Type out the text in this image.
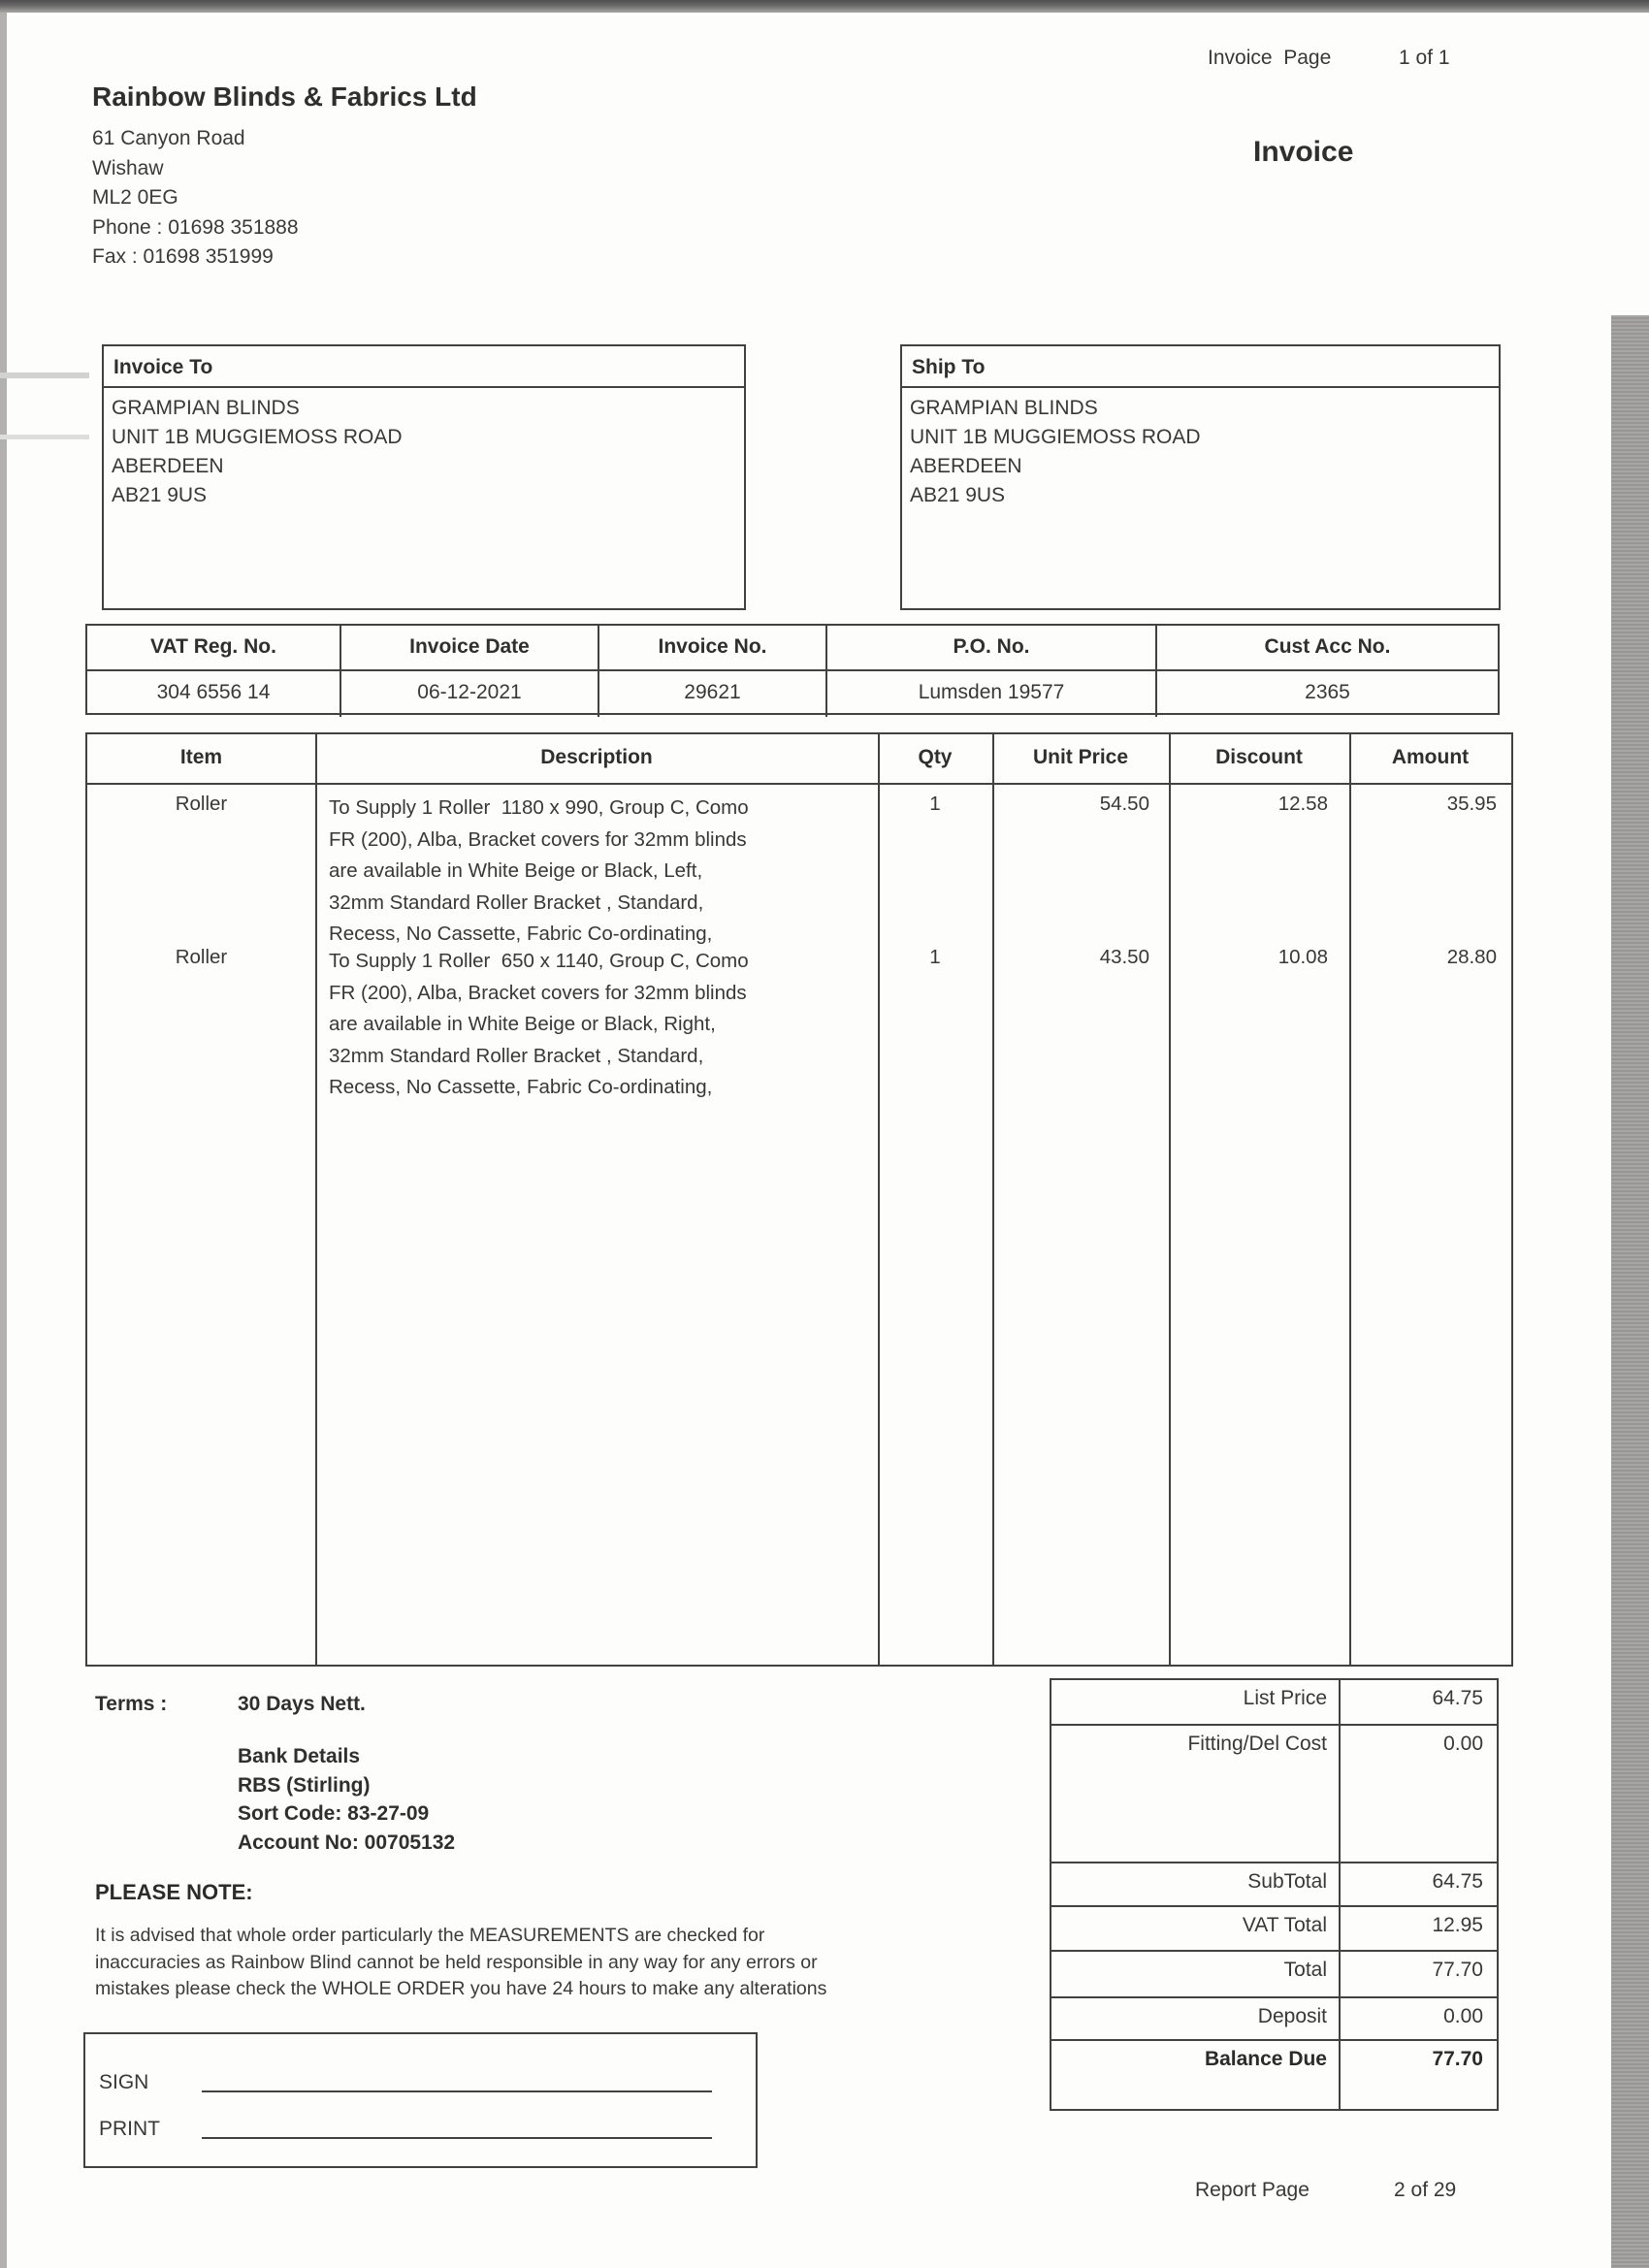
Rainbow Blinds & Fabrics Ltd
61 Canyon Road
Wishaw
ML2 0EG
Phone : 01698 351888
Fax : 01698 351999
Invoice  Page	1 of 1
Invoice
Invoice To
GRAMPIAN BLINDS
UNIT 1B MUGGIEMOSS ROAD
ABERDEEN
AB21 9US
Ship To
GRAMPIAN BLINDS
UNIT 1B MUGGIEMOSS ROAD
ABERDEEN
AB21 9US
VAT Reg. No.	Invoice Date	Invoice No.	P.O. No.	Cust Acc No.
304 6556 14	06-12-2021	29621	Lumsden 19577	2365
Item	Description	Qty	Unit Price	Discount	Amount
Roller	To Supply 1 Roller  1180 x 990, Group C, Como
FR (200), Alba, Bracket covers for 32mm blinds
are available in White Beige or Black, Left,
32mm Standard Roller Bracket , Standard,
Recess, No Cassette, Fabric Co-ordinating,
1	54.50	12.58	35.95
Roller	To Supply 1 Roller  650 x 1140, Group C, Como
FR (200), Alba, Bracket covers for 32mm blinds
are available in White Beige or Black, Right,
32mm Standard Roller Bracket , Standard,
Recess, No Cassette, Fabric Co-ordinating,
1	43.50	10.08	28.80
Terms :	30 Days Nett.
Bank Details
RBS (Stirling)
Sort Code: 83-27-09
Account No: 00705132
PLEASE NOTE:
It is advised that whole order particularly the MEASUREMENTS are checked for
inaccuracies as Rainbow Blind cannot be held responsible in any way for any errors or
mistakes please check the WHOLE ORDER you have 24 hours to make any alterations
List Price	64.75
Fitting/Del Cost	0.00
SubTotal	64.75
VAT Total	12.95
Total	77.70
Deposit	0.00
Balance Due	77.70
SIGN
PRINT
Report Page	2 of 29
